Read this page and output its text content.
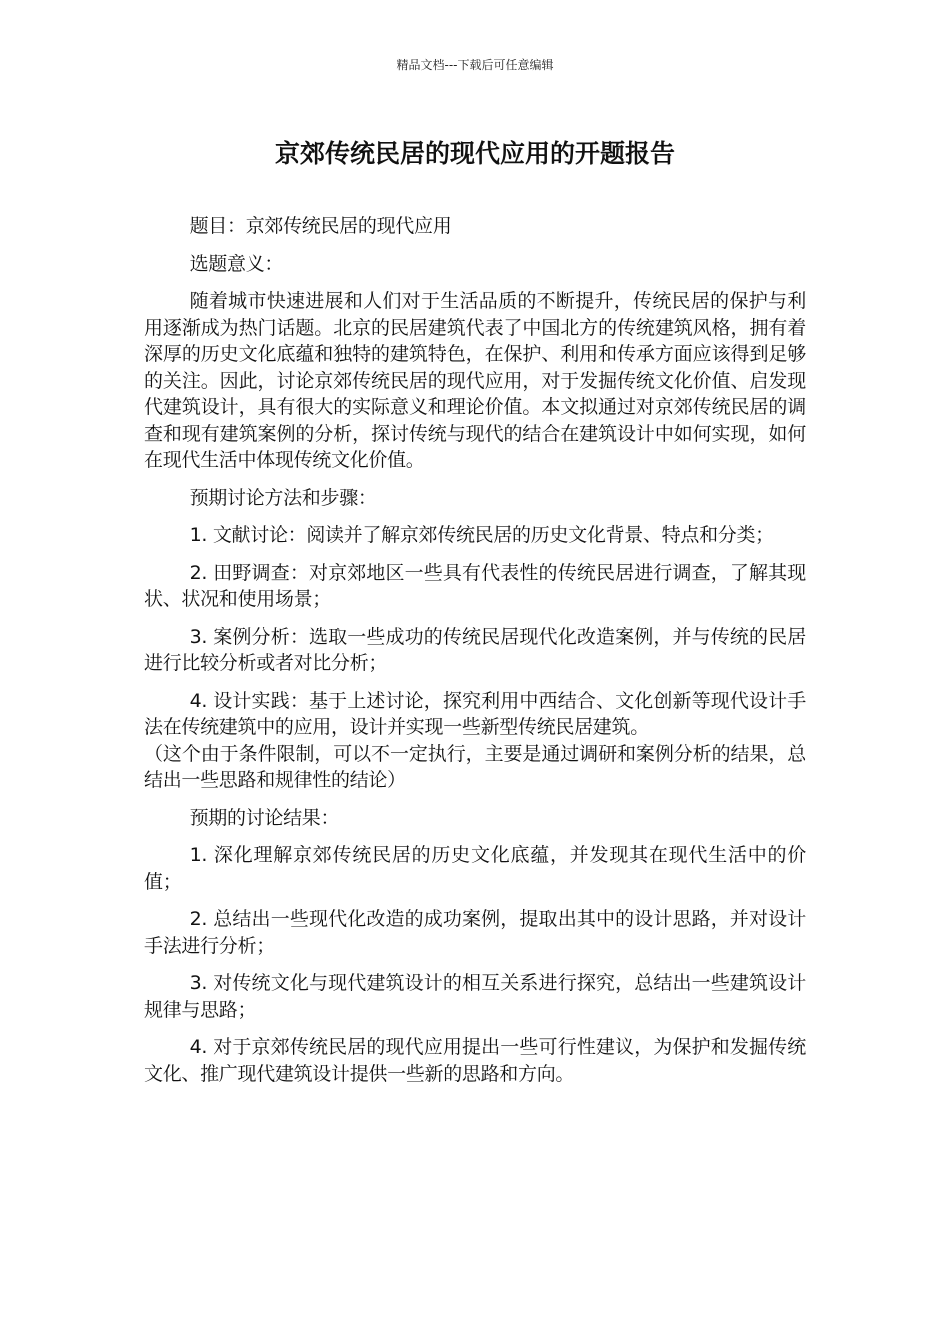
精品文档---下载后可任意编辑
京郊传统民居的现代应用的开题报告

题目：京郊传统民居的现代应用

选题意义：

随着城市快速进展和人们对于生活品质的不断提升，传统民居的保护与利用逐渐成为热门话题。北京的民居建筑代表了中国北方的传统建筑风格，拥有着深厚的历史文化底蕴和独特的建筑特色，在保护、利用和传承方面应该得到足够的关注。因此，讨论京郊传统民居的现代应用，对于发掘传统文化价值、启发现代建筑设计，具有很大的实际意义和理论价值。本文拟通过对京郊传统民居的调查和现有建筑案例的分析，探讨传统与现代的结合在建筑设计中如何实现，如何在现代生活中体现传统文化价值。

预期讨论方法和步骤：

1. 文献讨论：阅读并了解京郊传统民居的历史文化背景、特点和分类；

2. 田野调查：对京郊地区一些具有代表性的传统民居进行调查，了解其现状、状况和使用场景；

3. 案例分析：选取一些成功的传统民居现代化改造案例，并与传统的民居进行比较分析或者对比分析；

4. 设计实践：基于上述讨论，探究利用中西结合、文化创新等现代设计手法在传统建筑中的应用，设计并实现一些新型传统民居建筑。

（这个由于条件限制，可以不一定执行，主要是通过调研和案例分析的结果，总结出一些思路和规律性的结论）

预期的讨论结果：

1. 深化理解京郊传统民居的历史文化底蕴，并发现其在现代生活中的价值；

2. 总结出一些现代化改造的成功案例，提取出其中的设计思路，并对设计手法进行分析；

3. 对传统文化与现代建筑设计的相互关系进行探究，总结出一些建筑设计规律与思路；

4. 对于京郊传统民居的现代应用提出一些可行性建议，为保护和发掘传统文化、推广现代建筑设计提供一些新的思路和方向。
